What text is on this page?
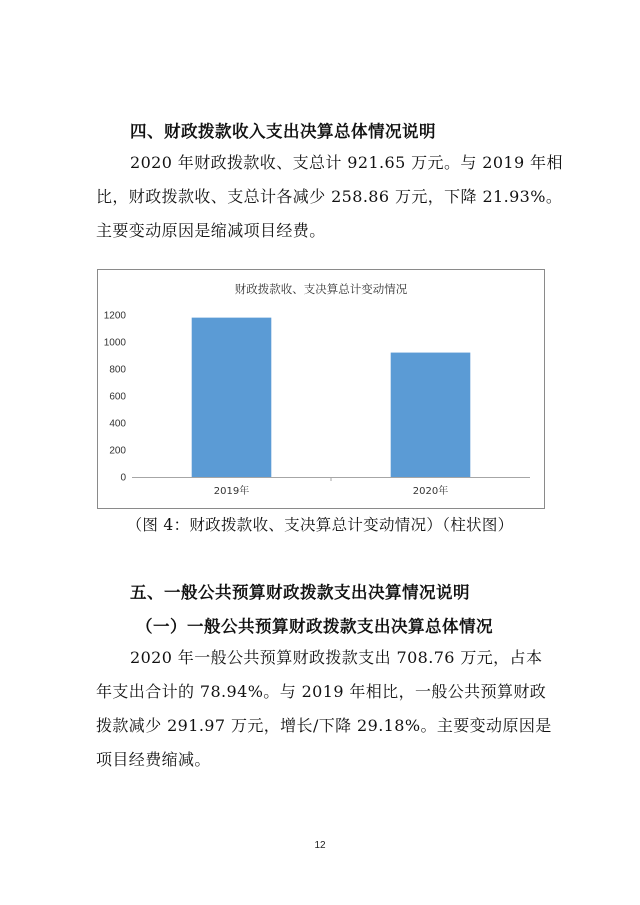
四、财政拨款收入支出决算总体情况说明
2020 年财政拨款收、支总计 921.65 万元。与 2019 年相
比，财政拨款收、支总计各减少 258.86 万元，下降 21.93%。
主要变动原因是缩减项目经费。
财政拨款收、支决算总计变动情况
0
200
400
600
800
1000
1200
2019年	2020年
（图 4：财政拨款收、支决算总计变动情况）（柱状图）
五、一般公共预算财政拨款支出决算情况说明
（一）一般公共预算财政拨款支出决算总体情况
2020 年一般公共预算财政拨款支出 708.76 万元，占本
年支出合计的 78.94%。与 2019 年相比，一般公共预算财政
拨款减少 291.97 万元，增长/下降 29.18%。主要变动原因是
项目经费缩减。
12
